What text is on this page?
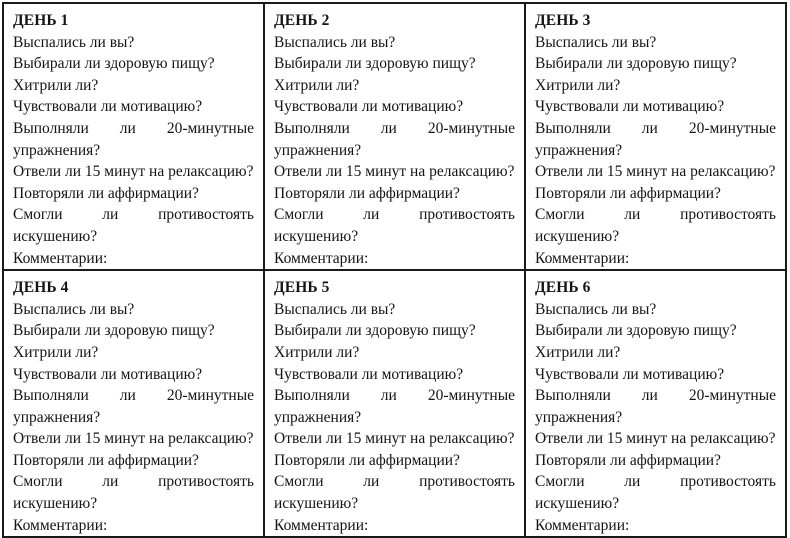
ДЕНЬ 1
Выспались ли вы?
Выбирали ли здоровую пищу?
Хитрили ли?
Чувствовали ли мотивацию?
Выполняли ли 20-минутные упражнения?
Отвели ли 15 минут на релаксацию?
Повторяли ли аффирмации?
Смогли ли противостоять искушению?
Комментарии:

ДЕНЬ 2
Выспались ли вы?
Выбирали ли здоровую пищу?
Хитрили ли?
Чувствовали ли мотивацию?
Выполняли ли 20-минутные упражнения?
Отвели ли 15 минут на релаксацию?
Повторяли ли аффирмации?
Смогли ли противостоять искушению?
Комментарии:

ДЕНЬ 3
Выспались ли вы?
Выбирали ли здоровую пищу?
Хитрили ли?
Чувствовали ли мотивацию?
Выполняли ли 20-минутные упражнения?
Отвели ли 15 минут на релаксацию?
Повторяли ли аффирмации?
Смогли ли противостоять искушению?
Комментарии:

ДЕНЬ 4
Выспались ли вы?
Выбирали ли здоровую пищу?
Хитрили ли?
Чувствовали ли мотивацию?
Выполняли ли 20-минутные упражнения?
Отвели ли 15 минут на релаксацию?
Повторяли ли аффирмации?
Смогли ли противостоять искушению?
Комментарии:

ДЕНЬ 5
Выспались ли вы?
Выбирали ли здоровую пищу?
Хитрили ли?
Чувствовали ли мотивацию?
Выполняли ли 20-минутные упражнения?
Отвели ли 15 минут на релаксацию?
Повторяли ли аффирмации?
Смогли ли противостоять искушению?
Комментарии:

ДЕНЬ 6
Выспались ли вы?
Выбирали ли здоровую пищу?
Хитрили ли?
Чувствовали ли мотивацию?
Выполняли ли 20-минутные упражнения?
Отвели ли 15 минут на релаксацию?
Повторяли ли аффирмации?
Смогли ли противостоять искушению?
Комментарии:
